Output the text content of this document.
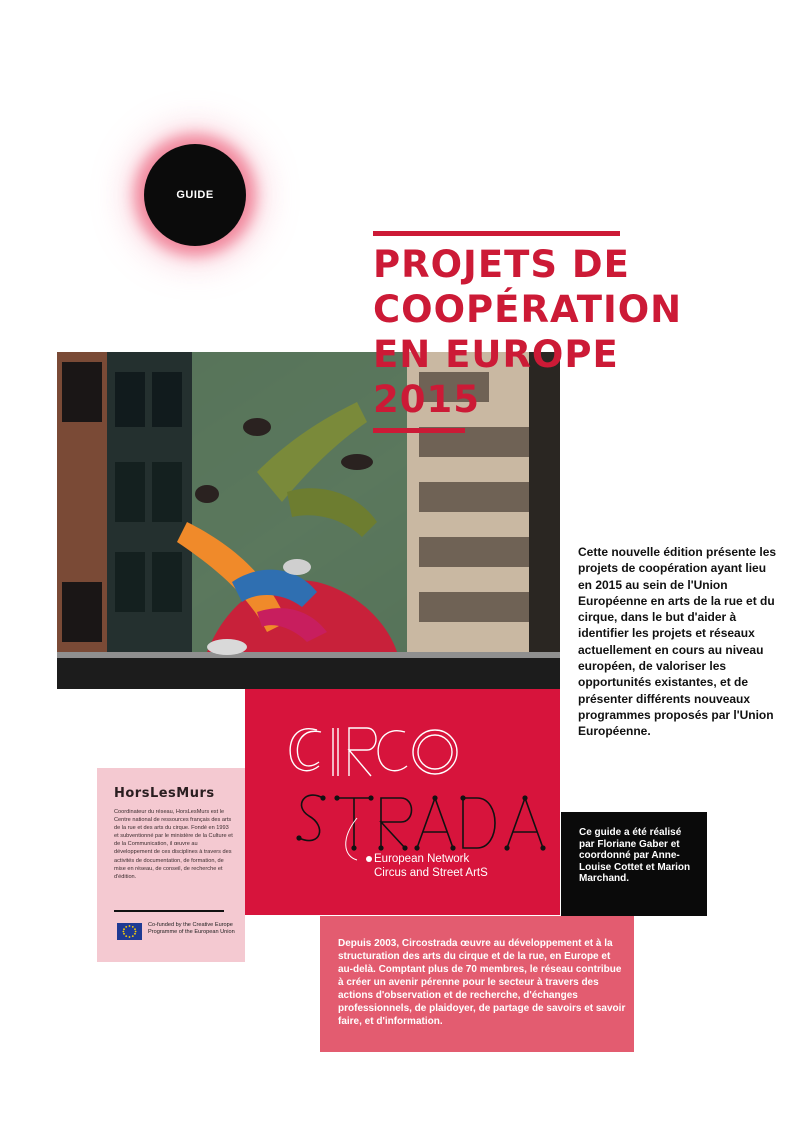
GUIDE
PROJETS DE
COOPÉRATION
EN EUROPE
2015
European Network
Circus and Street ArtS

Cette nouvelle édition présente les projets de coopération ayant lieu en 2015 au sein de l'Union Européenne en arts de la rue et du cirque, dans le but d'aider à identifier les projets et réseaux actuellement en cours au niveau européen, de valoriser les opportunités existantes, et de présenter différents nouveaux programmes proposés par l'Union Européenne.

Ce guide a été réalisé par Floriane Gaber et coordonné par Anne-Louise Cottet et Marion Marchand.

HorsLesMurs

Coordinateur du réseau, HorsLesMurs est le Centre national de ressources français des arts de la rue et des arts du cirque. Fondé en 1993 et subventionné par le ministère de la Culture et de la Communication, il œuvre au développement de ces disciplines à travers des activités de documentation, de formation, de mise en réseau, de conseil, de recherche et d'édition.

Co-funded by the Creative Europe Programme of the European Union

Depuis 2003, Circostrada œuvre au développement et à la structuration des arts du cirque et de la rue, en Europe et au-delà. Comptant plus de 70 membres, le réseau contribue à créer un avenir pérenne pour le secteur à travers des actions d'observation et de recherche, d'échanges professionnels, de plaidoyer, de partage de savoirs et savoir faire, et d'information.
